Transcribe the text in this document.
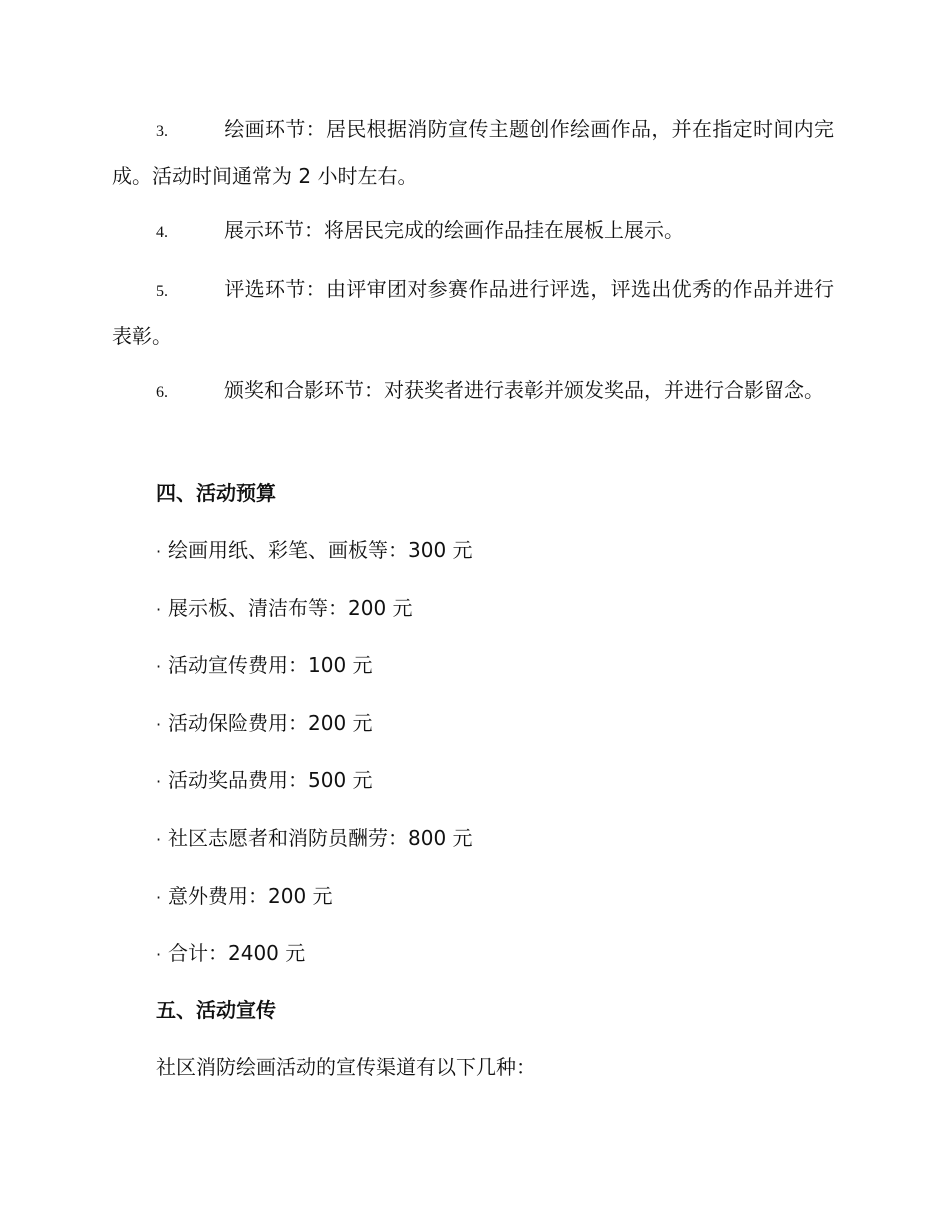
3.	绘画环节：居民根据消防宣传主题创作绘画作品，并在指定时间内完成。活动时间通常为 2 小时左右。

4.	展示环节：将居民完成的绘画作品挂在展板上展示。

5.	评选环节：由评审团对参赛作品进行评选，评选出优秀的作品并进行表彰。

6.	颁奖和合影环节：对获奖者进行表彰并颁发奖品，并进行合影留念。

四、活动预算
· 绘画用纸、彩笔、画板等：300 元
· 展示板、清洁布等：200 元
· 活动宣传费用：100 元
· 活动保险费用：200 元
· 活动奖品费用：500 元
· 社区志愿者和消防员酬劳：800 元
· 意外费用：200 元
· 合计：2400 元
五、活动宣传

社区消防绘画活动的宣传渠道有以下几种：
